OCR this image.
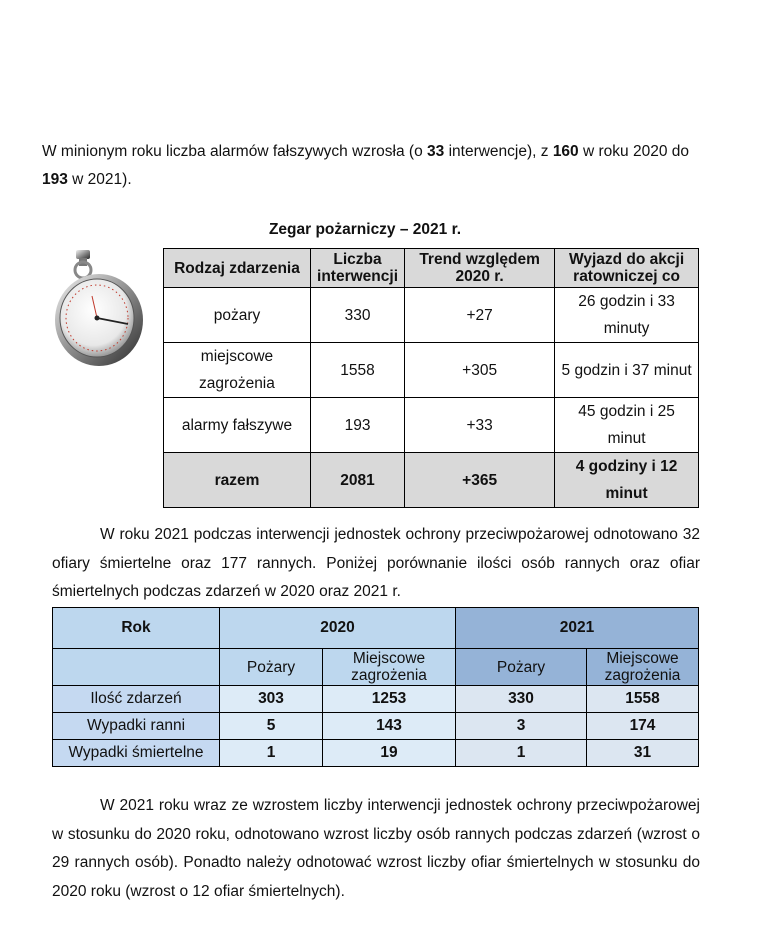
W minionym roku liczba alarmów fałszywych wzrosła (o 33 interwencje), z 160 w roku 2020 do 193 w 2021).

Zegar pożarniczy – 2021 r.
Rodzaj zdarzenia	Liczba interwencji	Trend względem 2020 r.	Wyjazd do akcji ratowniczej co
pożary	330	+27	26 godzin i 33 minuty
miejscowe zagrożenia	1558	+305	5 godzin i 37 minut
alarmy fałszywe	193	+33	45 godzin i 25 minut
razem	2081	+365	4 godziny i 12 minut

W roku 2021 podczas interwencji jednostek ochrony przeciwpożarowej odnotowano 32 ofiary śmiertelne oraz 177 rannych. Poniżej porównanie ilości osób rannych oraz ofiar śmiertelnych podczas zdarzeń w 2020 oraz 2021 r.

Rok	2020		2021	
	Pożary	Miejscowe zagrożenia	Pożary	Miejscowe zagrożenia
Ilość zdarzeń	303	1253	330	1558
Wypadki ranni	5	143	3	174
Wypadki śmiertelne	1	19	1	31

W 2021 roku wraz ze wzrostem liczby interwencji jednostek ochrony przeciwpożarowej w stosunku do 2020 roku, odnotowano wzrost liczby osób rannych podczas zdarzeń (wzrost o 29 rannych osób). Ponadto należy odnotować wzrost liczby ofiar śmiertelnych w stosunku do 2020 roku (wzrost o 12 ofiar śmiertelnych).
